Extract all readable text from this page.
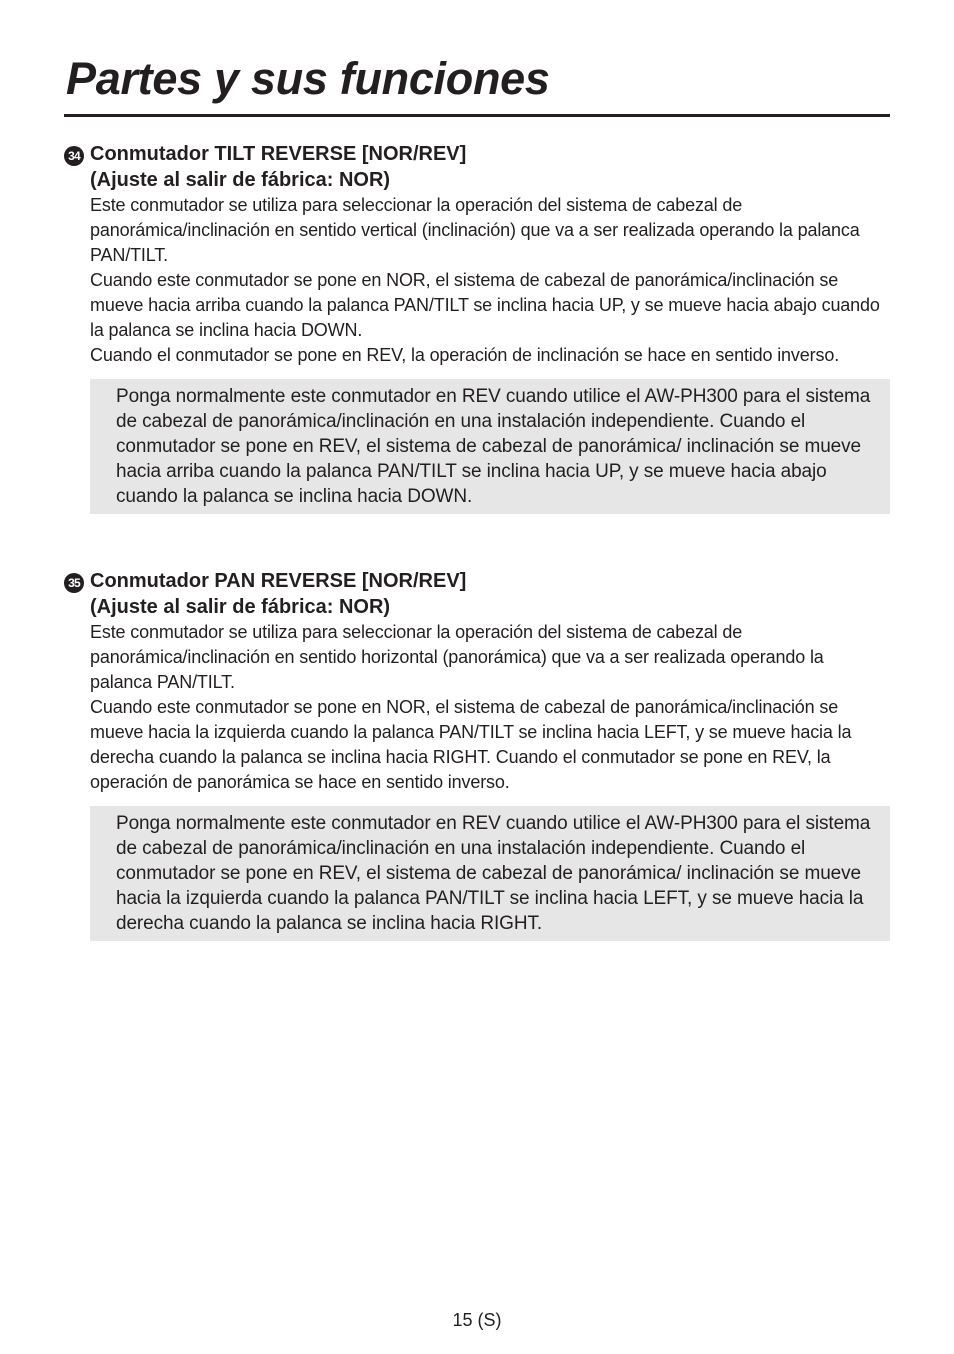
Partes y sus funciones
34 Conmutador TILT REVERSE [NOR/REV]
(Ajuste al salir de fábrica: NOR)
Este conmutador se utiliza para seleccionar la operación del sistema de cabezal de panorámica/inclinación en sentido vertical (inclinación) que va a ser realizada operando la palanca PAN/TILT.
Cuando este conmutador se pone en NOR, el sistema de cabezal de panorámica/inclinación se mueve hacia arriba cuando la palanca PAN/TILT se inclina hacia UP, y se mueve hacia abajo cuando la palanca se inclina hacia DOWN.
Cuando el conmutador se pone en REV, la operación de inclinación se hace en sentido inverso.
Ponga normalmente este conmutador en REV cuando utilice el AW-PH300 para el sistema de cabezal de panorámica/inclinación en una instalación independiente. Cuando el conmutador se pone en REV, el sistema de cabezal de panorámica/ inclinación se mueve hacia arriba cuando la palanca PAN/TILT se inclina hacia UP, y se mueve hacia abajo cuando la palanca se inclina hacia DOWN.
35 Conmutador PAN REVERSE [NOR/REV]
(Ajuste al salir de fábrica: NOR)
Este conmutador se utiliza para seleccionar la operación del sistema de cabezal de panorámica/inclinación en sentido horizontal (panorámica) que va a ser realizada operando la palanca PAN/TILT.
Cuando este conmutador se pone en NOR, el sistema de cabezal de panorámica/inclinación se mueve hacia la izquierda cuando la palanca PAN/TILT se inclina hacia LEFT, y se mueve hacia la derecha cuando la palanca se inclina hacia RIGHT. Cuando el conmutador se pone en REV, la operación de panorámica se hace en sentido inverso.
Ponga normalmente este conmutador en REV cuando utilice el AW-PH300 para el sistema de cabezal de panorámica/inclinación en una instalación independiente. Cuando el conmutador se pone en REV, el sistema de cabezal de panorámica/ inclinación se mueve hacia la izquierda cuando la palanca PAN/TILT se inclina hacia LEFT, y se mueve hacia la derecha cuando la palanca se inclina hacia RIGHT.
15 (S)
